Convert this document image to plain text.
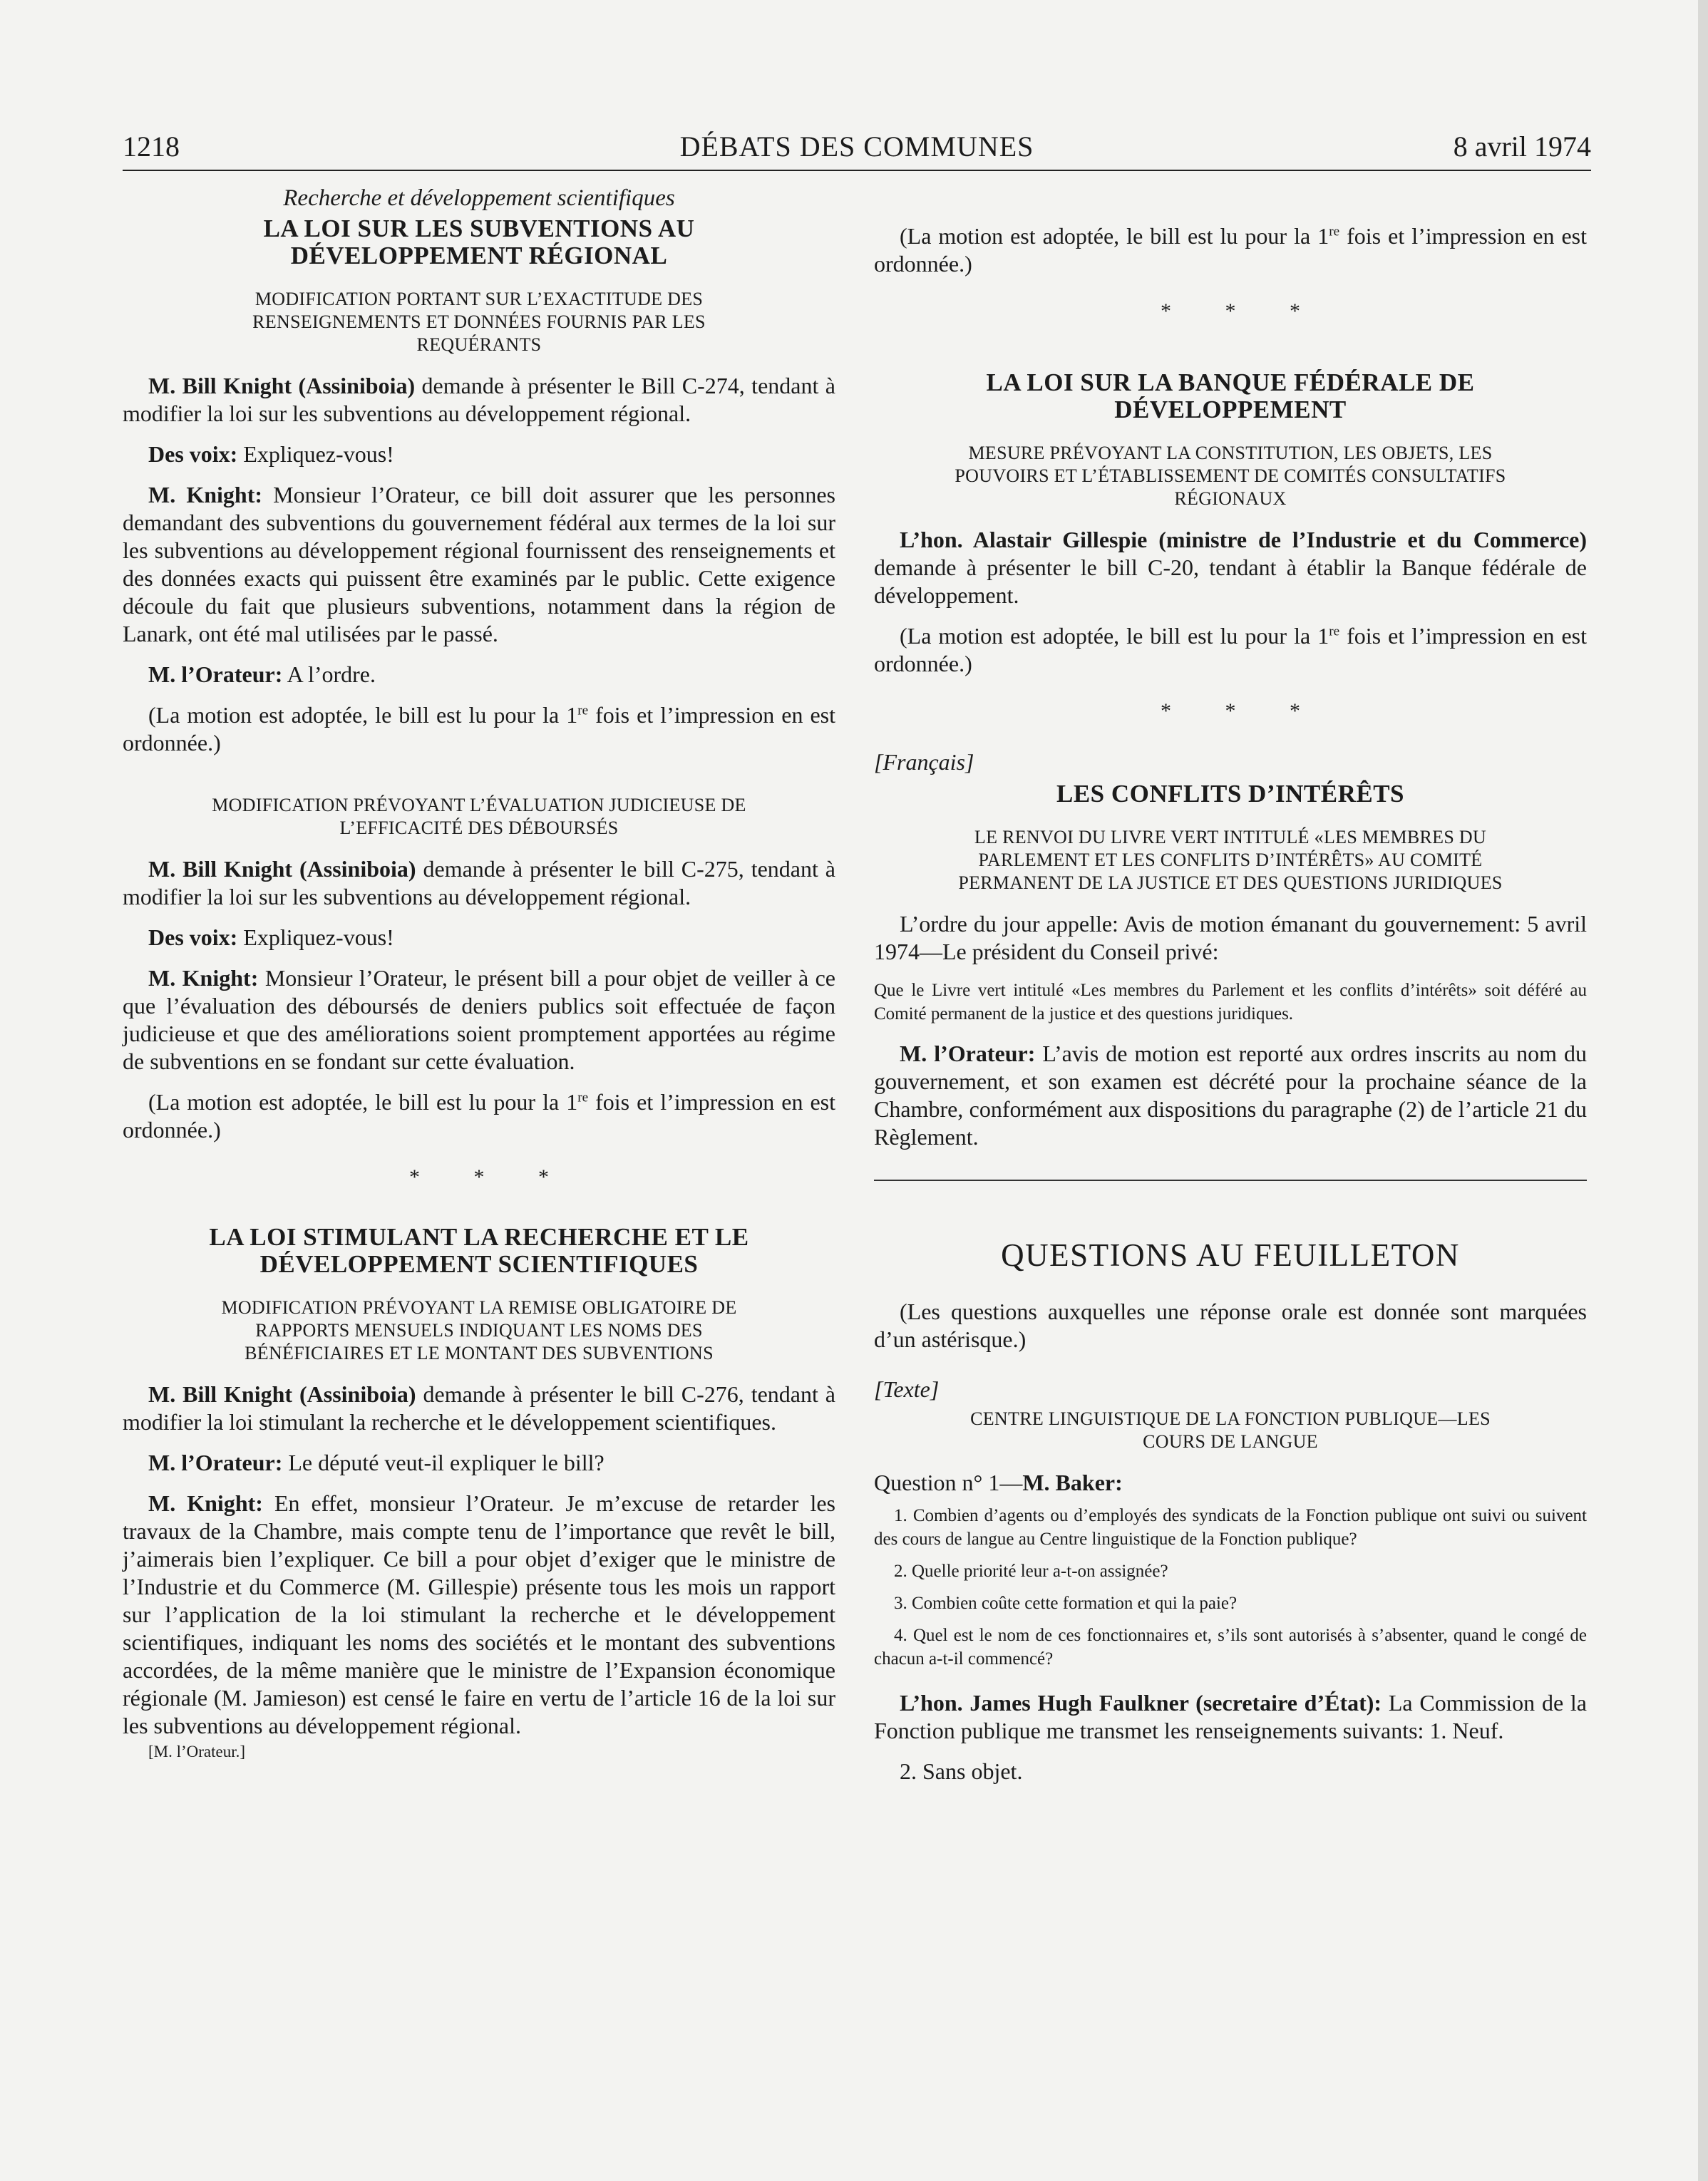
1218	DÉBATS DES COMMUNES	8 avril 1974
Recherche et développement scientifiques
LA LOI SUR LES SUBVENTIONS AU
DÉVELOPPEMENT RÉGIONAL
MODIFICATION PORTANT SUR L’EXACTITUDE DES
RENSEIGNEMENTS ET DONNÉES FOURNIS PAR LES
REQUÉRANTS

M. Bill Knight (Assiniboia) demande à présenter le Bill C-274, tendant à modifier la loi sur les subventions au développement régional.

Des voix: Expliquez-vous!

M. Knight: Monsieur l’Orateur, ce bill doit assurer que les personnes demandant des subventions du gouvernement fédéral aux termes de la loi sur les subventions au développement régional fournissent des renseignements et des données exacts qui puissent être examinés par le public. Cette exigence découle du fait que plusieurs subventions, notamment dans la région de Lanark, ont été mal utilisées par le passé.

M. l’Orateur: A l’ordre.

(La motion est adoptée, le bill est lu pour la 1re fois et l’impression en est ordonnée.)

MODIFICATION PRÉVOYANT L’ÉVALUATION JUDICIEUSE DE
L’EFFICACITÉ DES DÉBOURSÉS

M. Bill Knight (Assiniboia) demande à présenter le bill C-275, tendant à modifier la loi sur les subventions au développement régional.

Des voix: Expliquez-vous!

M. Knight: Monsieur l’Orateur, le présent bill a pour objet de veiller à ce que l’évaluation des déboursés de deniers publics soit effectuée de façon judicieuse et que des améliorations soient promptement apportées au régime de subventions en se fondant sur cette évaluation.

(La motion est adoptée, le bill est lu pour la 1re fois et l’impression en est ordonnée.)

* * *
LA LOI STIMULANT LA RECHERCHE ET LE
DÉVELOPPEMENT SCIENTIFIQUES
MODIFICATION PRÉVOYANT LA REMISE OBLIGATOIRE DE
RAPPORTS MENSUELS INDIQUANT LES NOMS DES
BÉNÉFICIAIRES ET LE MONTANT DES SUBVENTIONS

M. Bill Knight (Assiniboia) demande à présenter le bill C-276, tendant à modifier la loi stimulant la recherche et le développement scientifiques.

M. l’Orateur: Le député veut-il expliquer le bill?

M. Knight: En effet, monsieur l’Orateur. Je m’excuse de retarder les travaux de la Chambre, mais compte tenu de l’importance que revêt le bill, j’aimerais bien l’expliquer. Ce bill a pour objet d’exiger que le ministre de l’Industrie et du Commerce (M. Gillespie) présente tous les mois un rapport sur l’application de la loi stimulant la recherche et le développement scientifiques, indiquant les noms des sociétés et le montant des subventions accordées, de la même manière que le ministre de l’Expansion économique régionale (M. Jamieson) est censé le faire en vertu de l’article 16 de la loi sur les subventions au développement régional.

[M. l’Orateur.]

(La motion est adoptée, le bill est lu pour la 1re fois et l’impression en est ordonnée.)

* * *
LA LOI SUR LA BANQUE FÉDÉRALE DE
DÉVELOPPEMENT
MESURE PRÉVOYANT LA CONSTITUTION, LES OBJETS, LES
POUVOIRS ET L’ÉTABLISSEMENT DE COMITÉS CONSULTATIFS
RÉGIONAUX

L’hon. Alastair Gillespie (ministre de l’Industrie et du Commerce) demande à présenter le bill C-20, tendant à établir la Banque fédérale de développement.

(La motion est adoptée, le bill est lu pour la 1re fois et l’impression en est ordonnée.)

* * *
[Français]
LES CONFLITS D’INTÉRÊTS
LE RENVOI DU LIVRE VERT INTITULÉ «LES MEMBRES DU
PARLEMENT ET LES CONFLITS D’INTÉRÊTS» AU COMITÉ
PERMANENT DE LA JUSTICE ET DES QUESTIONS JURIDIQUES

L’ordre du jour appelle: Avis de motion émanant du gouvernement: 5 avril 1974—Le président du Conseil privé:

Que le Livre vert intitulé «Les membres du Parlement et les conflits d’intérêts» soit déféré au Comité permanent de la justice et des questions juridiques.

M. l’Orateur: L’avis de motion est reporté aux ordres inscrits au nom du gouvernement, et son examen est décrété pour la prochaine séance de la Chambre, conformément aux dispositions du paragraphe (2) de l’article 21 du Règlement.

QUESTIONS AU FEUILLETON

(Les questions auxquelles une réponse orale est donnée sont marquées d’un astérisque.)

[Texte]
CENTRE LINGUISTIQUE DE LA FONCTION PUBLIQUE—LES
COURS DE LANGUE

Question n° 1—M. Baker:

1. Combien d’agents ou d’employés des syndicats de la Fonction publique ont suivi ou suivent des cours de langue au Centre linguistique de la Fonction publique?

2. Quelle priorité leur a-t-on assignée?

3. Combien coûte cette formation et qui la paie?

4. Quel est le nom de ces fonctionnaires et, s’ils sont autorisés à s’absenter, quand le congé de chacun a-t-il commencé?

L’hon. James Hugh Faulkner (secretaire d’État): La Commission de la Fonction publique me transmet les renseignements suivants: 1. Neuf.

2. Sans objet.
